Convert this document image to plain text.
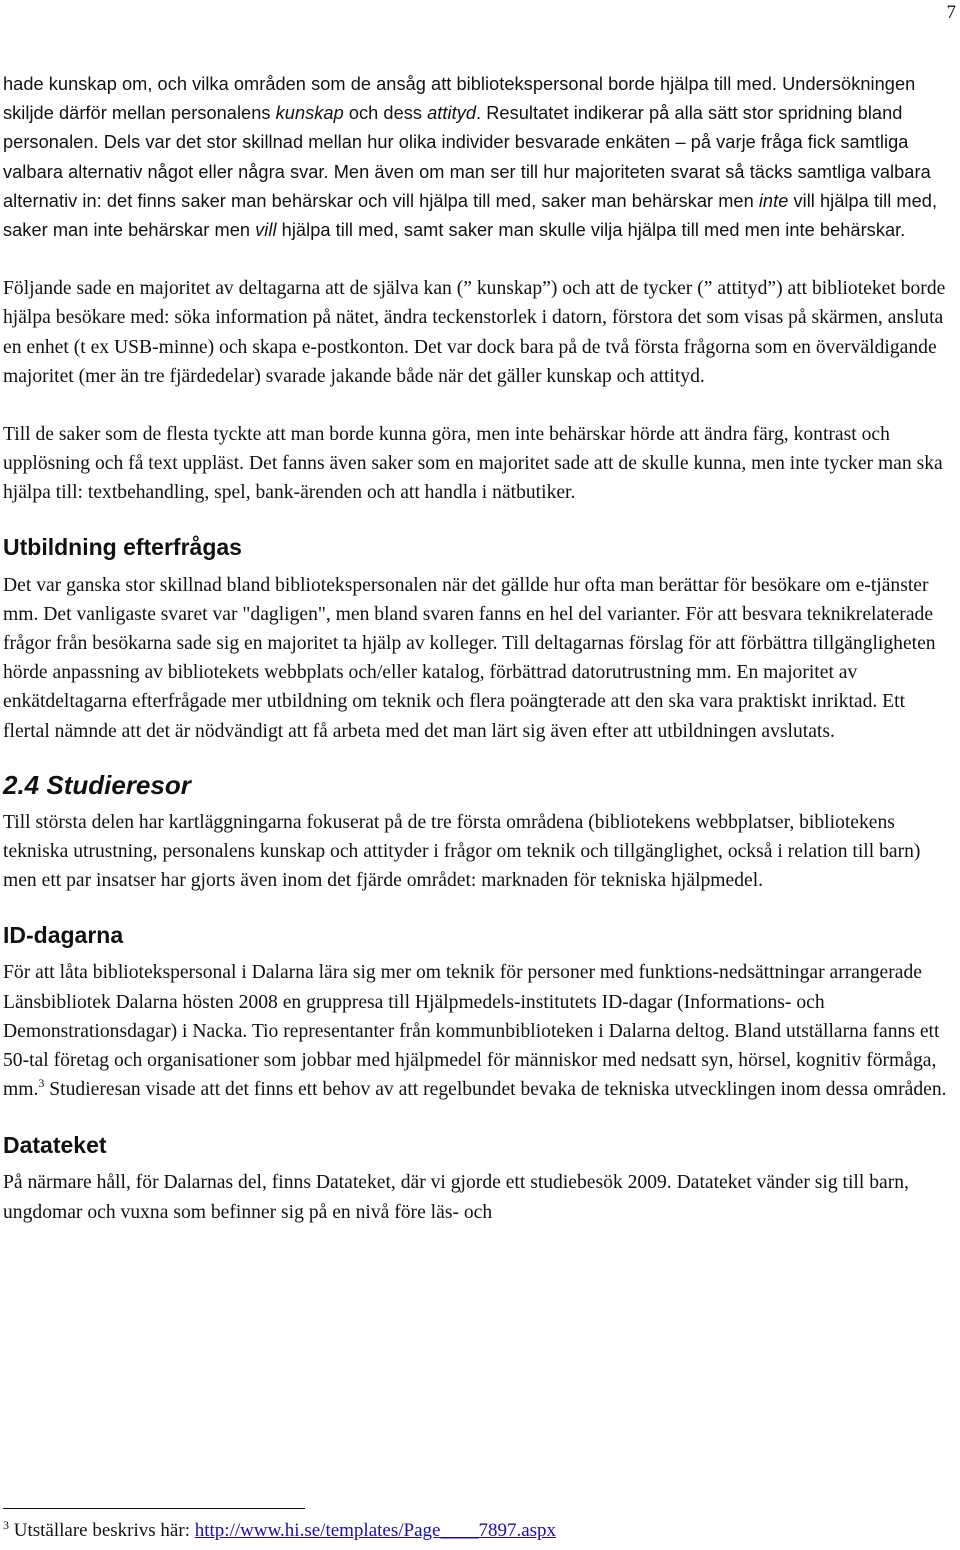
7

hade kunskap om, och vilka områden som de ansåg att bibliotekspersonal borde hjälpa till med. Undersökningen skiljde därför mellan personalens kunskap och dess attityd. Resultatet indikerar på alla sätt stor spridning bland personalen. Dels var det stor skillnad mellan hur olika individer besvarade enkäten – på varje fråga fick samtliga valbara alternativ något eller några svar. Men även om man ser till hur majoriteten svarat så täcks samtliga valbara alternativ in: det finns saker man behärskar och vill hjälpa till med, saker man behärskar men inte vill hjälpa till med, saker man inte behärskar men vill hjälpa till med, samt saker man skulle vilja hjälpa till med men inte behärskar.

Följande sade en majoritet av deltagarna att de själva kan (” kunskap”) och att de tycker (” attityd”) att biblioteket borde hjälpa besökare med: söka information på nätet, ändra teckenstorlek i datorn, förstora det som visas på skärmen, ansluta en enhet (t ex USB-minne) och skapa e-postkonton. Det var dock bara på de två första frågorna som en överväldigande majoritet (mer än tre fjärdedelar) svarade jakande både när det gäller kunskap och attityd.

Till de saker som de flesta tyckte att man borde kunna göra, men inte behärskar hörde att ändra färg, kontrast och upplösning och få text uppläst. Det fanns även saker som en majoritet sade att de skulle kunna, men inte tycker man ska hjälpa till: textbehandling, spel, bank-ärenden och att handla i nätbutiker.

Utbildning efterfrågas

Det var ganska stor skillnad bland bibliotekspersonalen när det gällde hur ofta man berättar för besökare om e-tjänster mm. Det vanligaste svaret var "dagligen", men bland svaren fanns en hel del varianter. För att besvara teknikrelaterade frågor från besökarna sade sig en majoritet ta hjälp av kolleger. Till deltagarnas förslag för att förbättra tillgängligheten hörde anpassning av bibliotekets webbplats och/eller katalog, förbättrad datorutrustning mm. En majoritet av enkätdeltagarna efterfrågade mer utbildning om teknik och flera poängterade att den ska vara praktiskt inriktad. Ett flertal nämnde att det är nödvändigt att få arbeta med det man lärt sig även efter att utbildningen avslutats.

2.4 Studieresor

Till största delen har kartläggningarna fokuserat på de tre första områdena (bibliotekens webbplatser, bibliotekens tekniska utrustning, personalens kunskap och attityder i frågor om teknik och tillgänglighet, också i relation till barn) men ett par insatser har gjorts även inom det fjärde området: marknaden för tekniska hjälpmedel.

ID-dagarna

För att låta bibliotekspersonal i Dalarna lära sig mer om teknik för personer med funktions-nedsättningar arrangerade Länsbibliotek Dalarna hösten 2008 en gruppresa till Hjälpmedels-institutets ID-dagar (Informations- och Demonstrationsdagar) i Nacka. Tio representanter från kommunbiblioteken i Dalarna deltog. Bland utställarna fanns ett 50-tal företag och organisationer som jobbar med hjälpmedel för människor med nedsatt syn, hörsel, kognitiv förmåga, mm.$^3$ Studieresan visade att det finns ett behov av att regelbundet bevaka de tekniska utvecklingen inom dessa områden.

Datateket

På närmare håll, för Dalarnas del, finns Datateket, där vi gjorde ett studiebesök 2009. Datateket vänder sig till barn, ungdomar och vuxna som befinner sig på en nivå före läs- och

$^3$ Utställare beskrivs här: http://www.hi.se/templates/Page____7897.aspx
